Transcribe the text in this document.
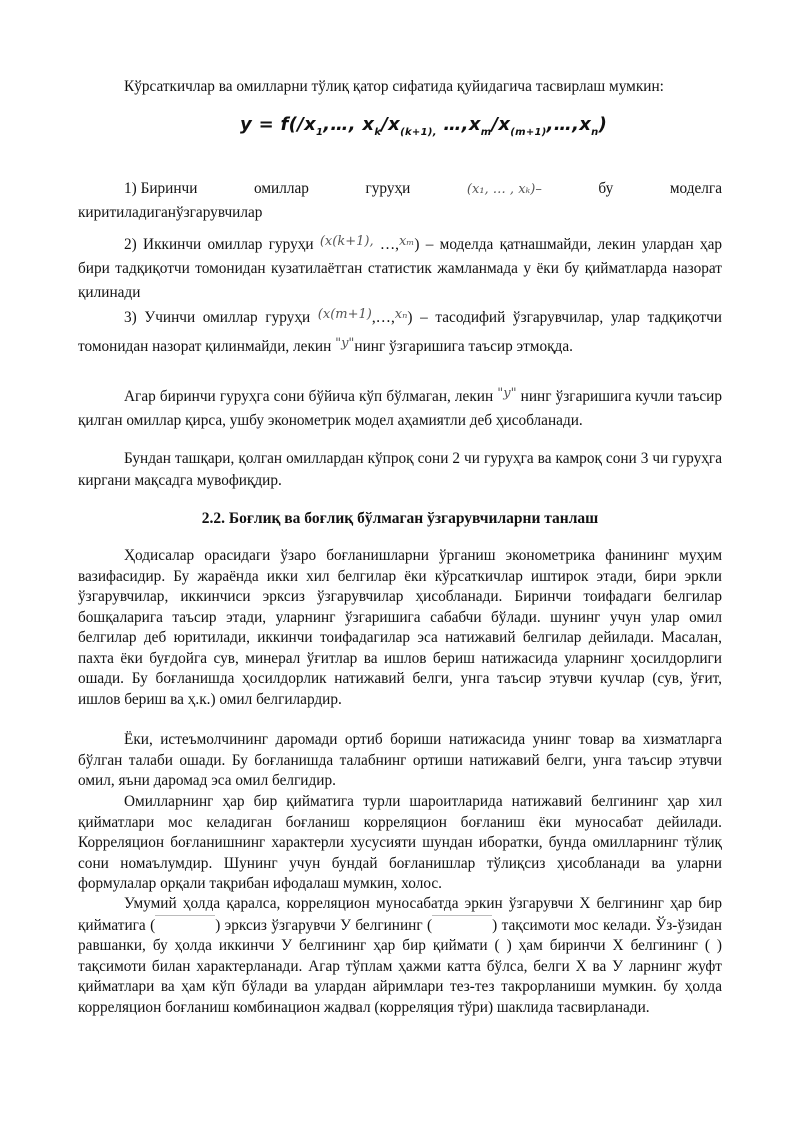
Кўрсаткичлар ва омилларни тўлиқ қатор сифатида қуйидагича тасвирлаш мумкин:

$y = f(/x_1,\dots$, $x_k/x_{(k+1),}$ $\dots,x_m/x_{(m+1)},\dots,x_n$)
1) Биринчи	омиллар	гуруҳи	(x₁, … , xₖ)–	бу	моделга
киритиладиганўзгарувчилар

2) Иккинчи омиллар гуруҳи $^{(x(k+1),}$ …,$^{x_m}$) – моделда қатнашмайди, лекин улардан ҳар бири тадқиқотчи томонидан кузатилаётган статистик жамланмада у ёки бу қийматларда назорат қилинади

3) Учинчи омиллар гуруҳи $^{(x(m+1)}$,…,$^{x_n}$) – тасодифий ўзгарувчилар, улар тадқиқотчи томонидан назорат қилинмайди, лекин $^{"y"}$нинг ўзгаришига таъсир этмоқда.

Агар биринчи гуруҳга сони бўйича кўп бўлмаган, лекин $^{"y"}$ нинг ўзгаришига кучли таъсир қилган омиллар қирса, ушбу эконометрик модел аҳамиятли деб ҳисобланади.

Бундан ташқари, қолган омиллардан кўпроқ сони 2 чи гуруҳга ва камроқ сони 3 чи гуруҳга киргани мақсадга мувофиқдир.

2.2. Боғлиқ ва боғлиқ бўлмаган ўзгарувчиларни танлаш

Ҳодисалар орасидаги ўзаро боғланишларни ўрганиш эконометрика фанининг муҳим вазифасидир. Бу жараёнда икки хил белгилар ёки кўрсаткичлар иштирок этади, бири эркли ўзгарувчилар, иккинчиси эрксиз ўзгарувчилар ҳисобланади. Биринчи тоифадаги белгилар бошқаларига таъсир этади, уларнинг ўзгаришига сабабчи бўлади. шунинг учун улар омил белгилар деб юритилади, иккинчи тоифадагилар эса натижавий белгилар дейилади. Масалан, пахта ёки буғдойга сув, минерал ўғитлар ва ишлов бериш натижасида уларнинг ҳосилдорлиги ошади. Бу боғланишда ҳосилдорлик натижавий белги, унга таъсир этувчи кучлар (сув, ўғит, ишлов бериш ва ҳ.к.) омил белгилардир.

Ёки, истеъмолчининг даромади ортиб бориши натижасида унинг товар ва хизматларга бўлган талаби ошади. Бу боғланишда талабнинг ортиши натижавий белги, унга таъсир этувчи омил, яъни даромад эса омил белгидир.

Омилларнинг ҳар бир қийматига турли шароитларида натижавий белгининг ҳар хил қийматлари мос келадиган боғланиш корреляцион боғланиш ёки муносабат дейилади. Корреляцион боғланишнинг характерли хусусияти шундан иборатки, бунда омилларнинг тўлиқ сони номаълумдир. Шунинг учун бундай боғланишлар тўлиқсиз ҳисобланади ва уларни формулалар орқали тақрибан ифодалаш мумкин, холос.

Умумий ҳолда қаралса, корреляцион муносабатда эркин ўзгарувчи Х белгининг ҳар бир қийматига (	) эрксиз ўзгарувчи У белгининг (	) тақсимоти мос келади. Ўз-ўзидан равшанки, бу ҳолда иккинчи У белгининг ҳар бир қиймати ( ) ҳам биринчи Х белгининг ( ) тақсимоти билан характерланади. Агар тўплам ҳажми катта бўлса, белги Х ва У ларнинг жуфт қийматлари ва ҳам кўп бўлади ва улардан айримлари тез-тез такрорланиши мумкин. бу ҳолда корреляцион боғланиш комбинацион жадвал (корреляция тўри) шаклида тасвирланади.
